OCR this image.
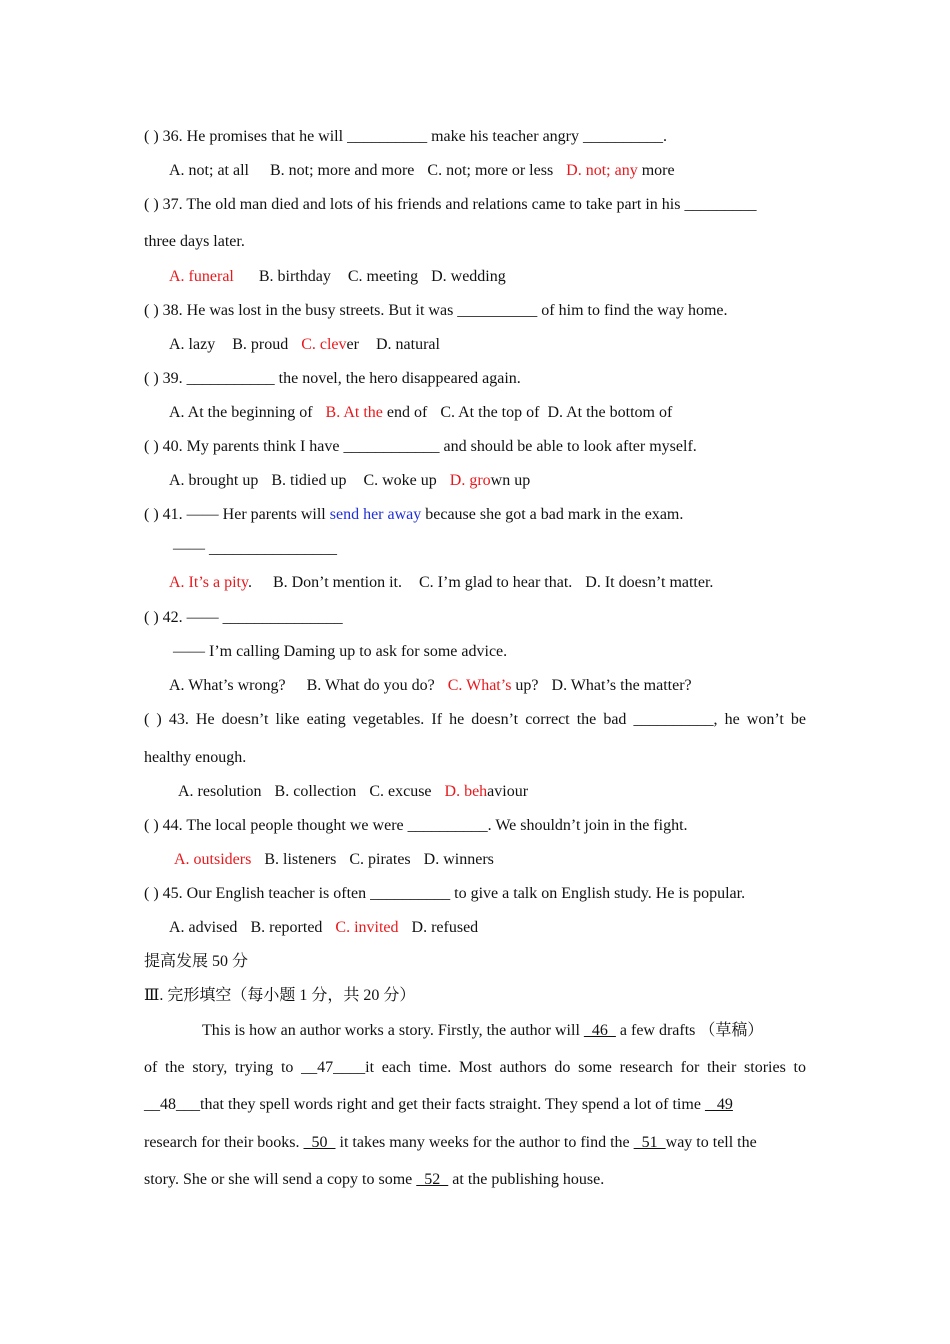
( ) 36. He promises that he will __________ make his teacher angry __________.
A. not; at all B. not; more and more C. not; more or less D. not; any more
( ) 37. The old man died and lots of his friends and relations came to take part in his _________
three days later.
A. funeral B. birthday C. meeting D. wedding
( ) 38. He was lost in the busy streets. But it was __________ of him to find the way home.
A. lazy B. proud C. clever D. natural
( ) 39. ___________ the novel, the hero disappeared again.
A. At the beginning of B. At the end of C. At the top of D. At the bottom of
( ) 40. My parents think I have ____________ and should be able to look after myself.
A. brought up B. tidied up C. woke up D. grown up
( ) 41. —— Her parents will send her away because she got a bad mark in the exam.
—— ________________
A. It’s a pity. B. Don’t mention it. C. I’m glad to hear that. D. It doesn’t matter.
( ) 42. —— _______________
—— I’m calling Daming up to ask for some advice.
A. What’s wrong? B. What do you do? C. What’s up? D. What’s the matter?
( ) 43. He doesn’t like eating vegetables. If he doesn’t correct the bad __________, he won’t be
healthy enough.
A. resolution B. collection C. excuse D. behaviour
( ) 44. The local people thought we were __________. We shouldn’t join in the fight.
A. outsiders B. listeners C. pirates D. winners
( ) 45. Our English teacher is often __________ to give a talk on English study. He is popular.
A. advised B. reported C. invited D. refused
提高发展 50 分
Ⅲ. 完形填空（每小题 1 分，共 20 分）
This is how an author works a story. Firstly, the author will   46   a few drafts （草稿）
of the story, trying to __47____it each time. Most authors do some research for their stories to
__48___that they spell words right and get their facts straight. They spend a lot of time    49
research for their books.   50   it takes many weeks for the author to find the   51  way to tell the
story. She or she will send a copy to some   52   at the publishing house.
